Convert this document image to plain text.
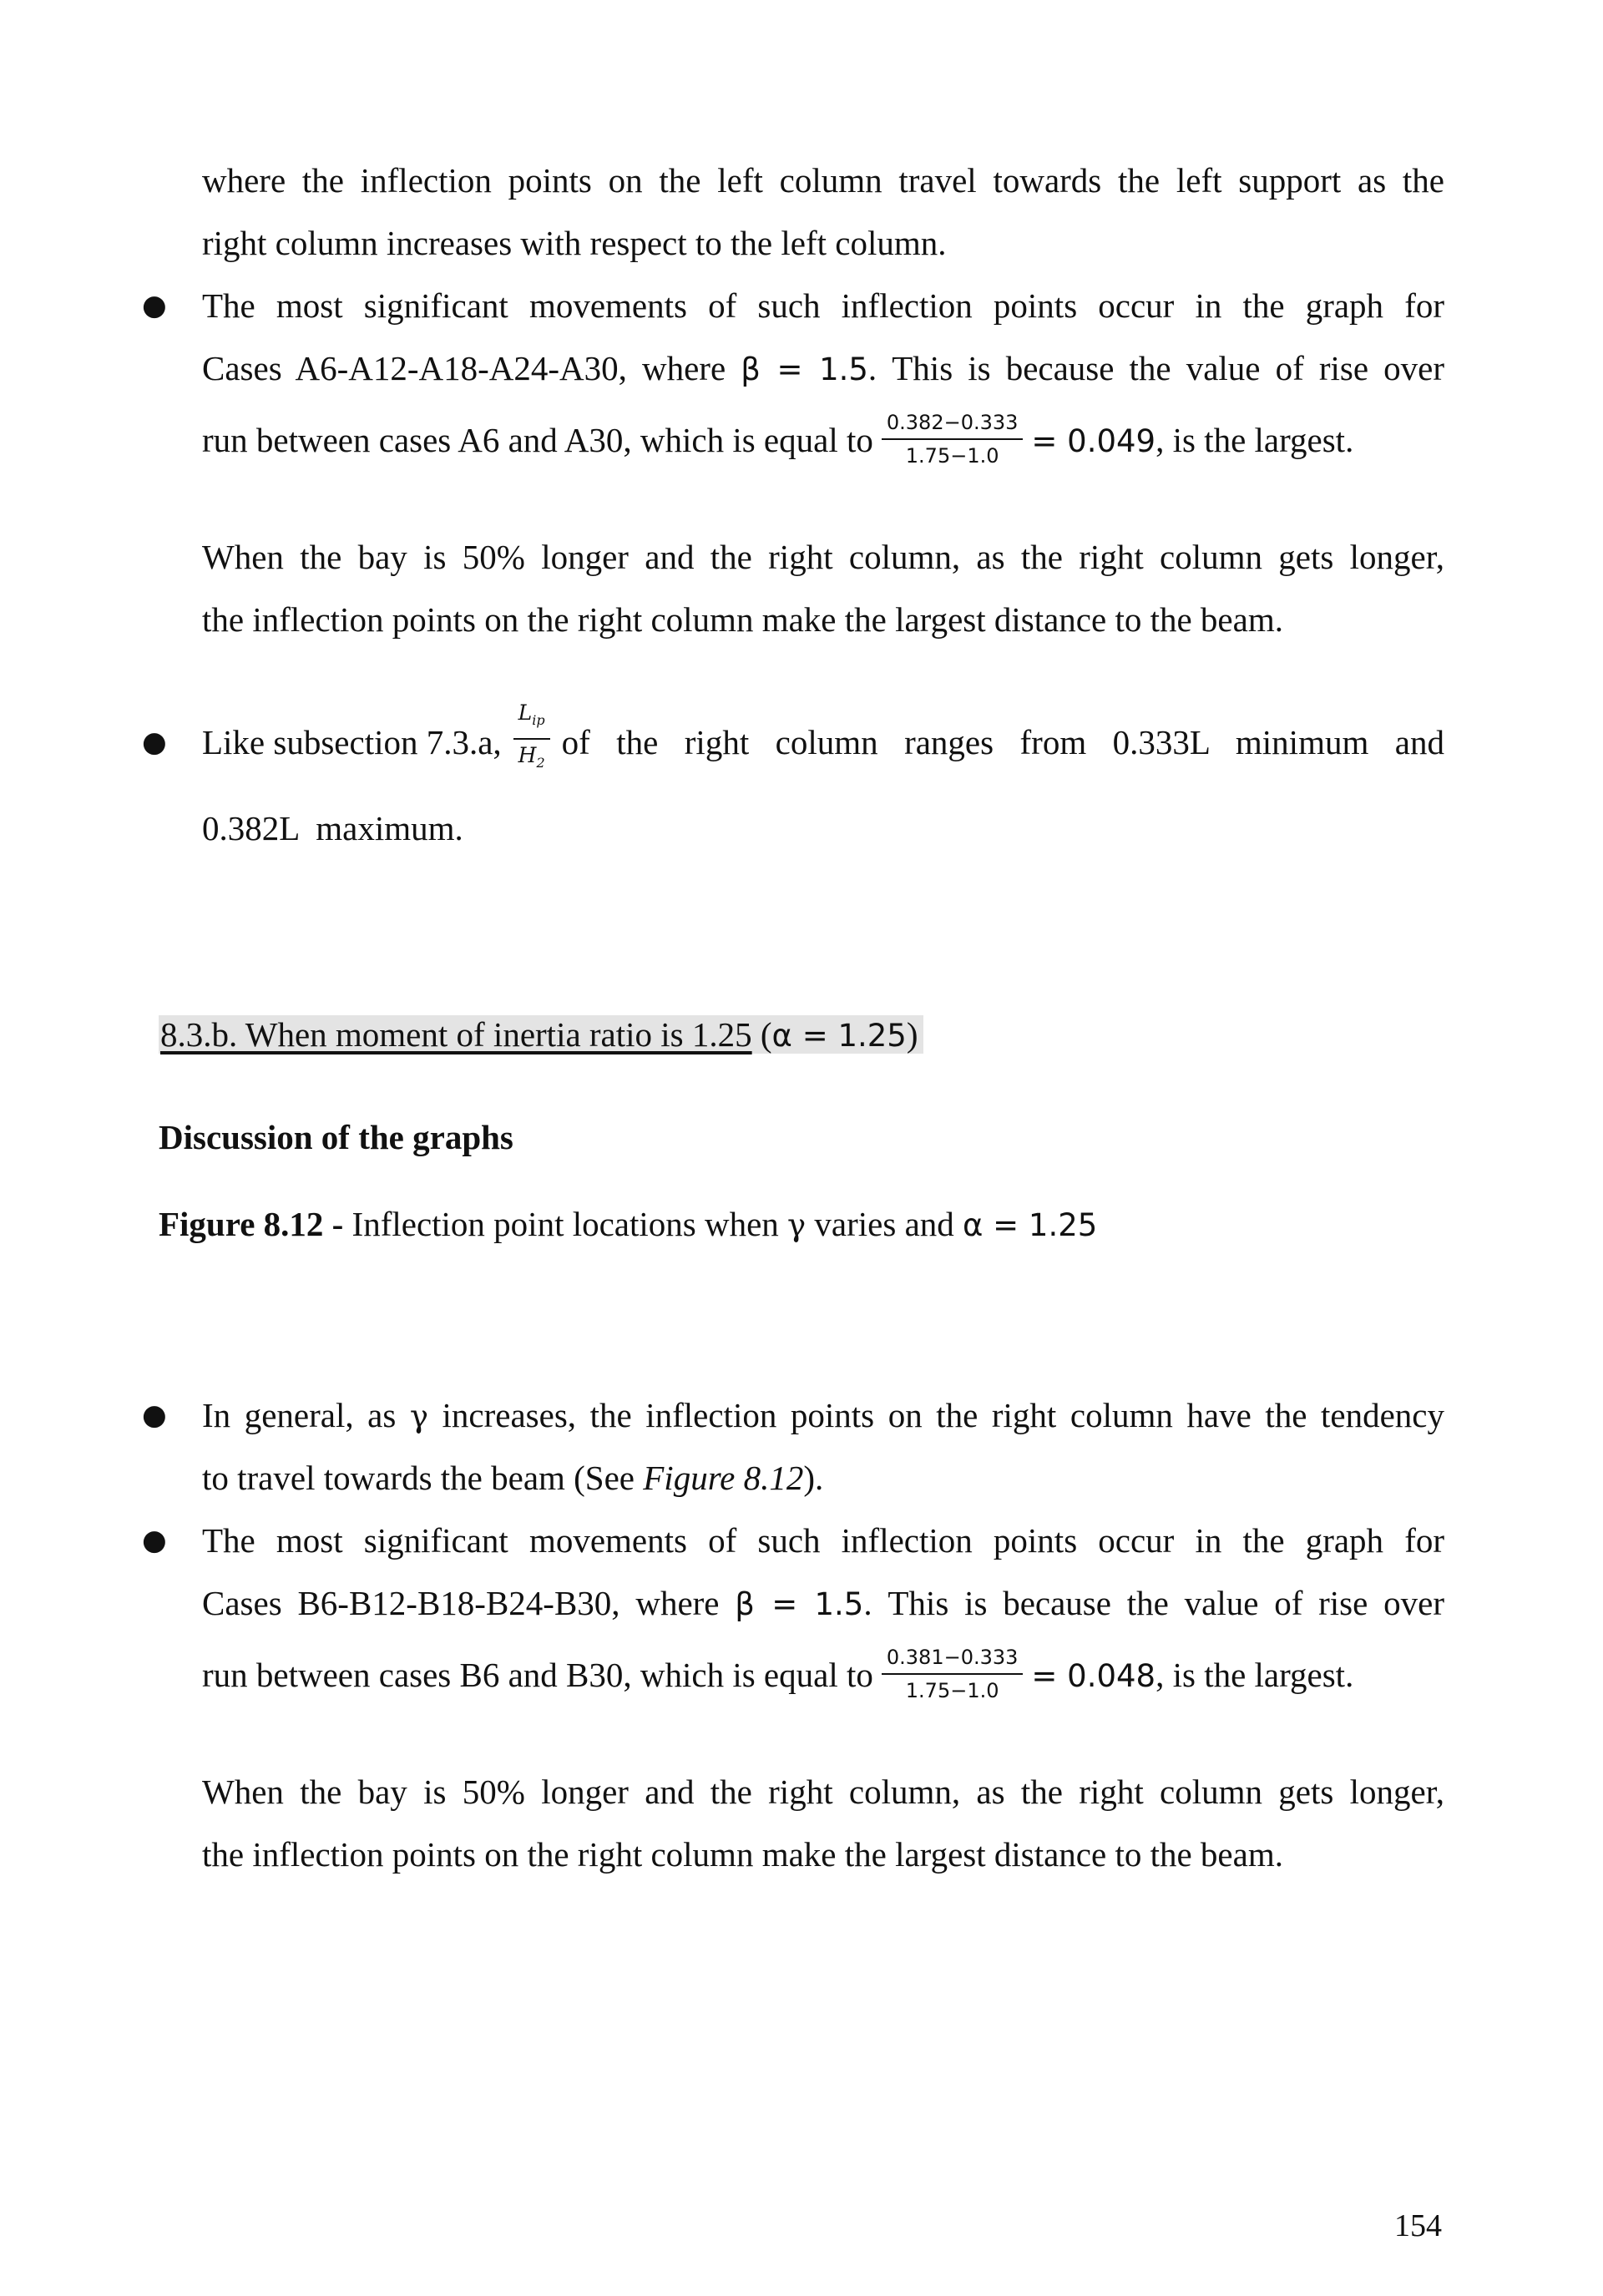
where the inflection points on the left column travel towards the left support as the
right column increases with respect to the left column.
● The most significant movements of such inflection points occur in the graph for
Cases A6-A12-A18-A24-A30, where β = 1.5. This is because the value of rise over
run between cases A6 and A30, which is equal to $\frac{0.382-0.333}{1.75-1.0} = 0.049$, is the largest.
When the bay is 50% longer and the right column, as the right column gets longer,
the inflection points on the right column make the largest distance to the beam.
● Like subsection 7.3.a, $\frac{L_{ip}}{H_2}$ of the right column ranges from 0.333L minimum and
0.382L  maximum.
8.3.b. When moment of inertia ratio is 1.25 (α = 1.25)
Discussion of the graphs
Figure 8.12 - Inflection point locations when γ varies and α = 1.25
● In general, as γ increases, the inflection points on the right column have the tendency
to travel towards the beam (See Figure 8.12).
● The most significant movements of such inflection points occur in the graph for
Cases B6-B12-B18-B24-B30, where β = 1.5. This is because the value of rise over
run between cases B6 and B30, which is equal to $\frac{0.381-0.333}{1.75-1.0} = 0.048$, is the largest.
When the bay is 50% longer and the right column, as the right column gets longer,
the inflection points on the right column make the largest distance to the beam.
154
